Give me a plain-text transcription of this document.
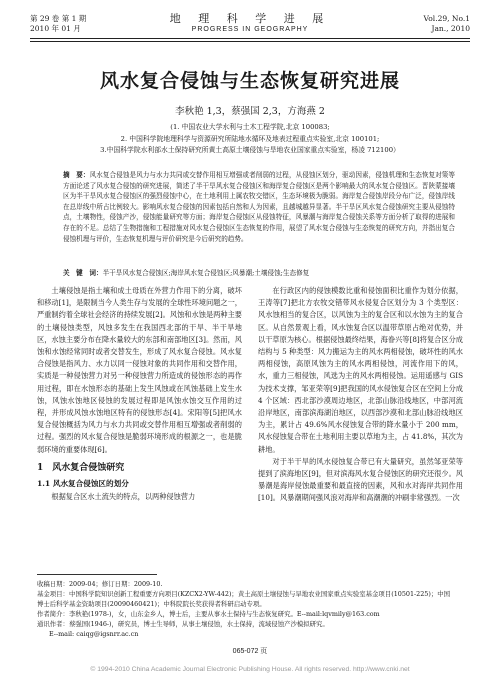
第 29 卷 第 1 期
2010 年 01 月
地 理 科 学 进 展
PROGRESS IN GEOGRAPHY
Vol.29, No.1
Jan., 2010
风水复合侵蚀与生态恢复研究进展
李秋艳 1,3，蔡强国 2,3，方海燕 2
(1. 中国农业大学水利与土木工程学院,北京 100083;
2. 中国科学院地理科学与资源研究所陆地水循环及地表过程重点实验室,北京 100101;
3.中国科学院水利部水土保持研究所黄土高原土壤侵蚀与旱地农业国家重点实验室，杨凌 712100）
摘　要：风水复合侵蚀是风力与水力共同或交替作用相互增强或者削弱的过程，从侵蚀区划分，驱动因素，侵蚀机理和生态恢复对策等方面论述了风水复合侵蚀的研究进展，简述了半干旱风水复合侵蚀区和海岸复合侵蚀区是两个影响最大的风水复合侵蚀区。晋陕蒙接壤区为半干旱风水复合侵蚀区的强烈侵蚀中心，在土地利用上属农牧交错区，生态环境极为脆弱。海岸复合侵蚀岸段分布广泛，侵蚀岸线在总岸线中所占比例较大。影响风水复合侵蚀的因素包括自然和人为因素，且越城越异显著。半干旱区风水复合侵蚀研究主要从侵蚀特点，土壤物性，侵蚀产沙，侵蚀能量研究等方面；海岸复合侵蚀区从侵蚀特征，风暴潮与海岸复合侵蚀关系等方面分析了取得的进展和存在的不足。总结了生物措施和工程措施对风水复合侵蚀区生态恢复的作用，展望了风水复合侵蚀与生态恢复的研究方向，并指出复合侵蚀机理与评价，生态恢复机理与评价研究是今后研究的趋势。
关　键　词：半干旱风水复合侵蚀区;海岸风水复合侵蚀区;风暴潮;土壤侵蚀;生态修复

土壤侵蚀是指土壤和成土母质在外营力作用下的分离，破坏和移动[1]，是限制当今人类生存与发展的全球性环境问题之一，严重制约着全球社会经济的持续发展[2]。风蚀和水蚀是两种主要的土壤侵蚀类型，风蚀多发生在我国西北部的干旱、半干旱地区，水蚀主要分布在降水量较大的东部和南部地区[3]。然而，风蚀和水蚀经常同时或者交替发生，形成了风水复合侵蚀。风水复合侵蚀是指风力、水力以同一侵蚀对象的共同作用和交替作用，实质是一种侵蚀营力对另一种侵蚀营力所造成的侵蚀形态的再作用过程，即在水蚀形态的基础上发生风蚀或在风蚀基础上发生水蚀，风蚀水蚀地区侵蚀的发展过程即是风蚀水蚀交互作用的过程，并形成风蚀水蚀地区特有的侵蚀形态[4]。宋阳等[5]把风水复合侵蚀概括为风力与水力共同或交替作用相互增强或者削弱的过程。强烈的风水复合侵蚀是脆弱环境形成的根源之一，也是脆弱环境的重要体现[6]。

1　风水复合侵蚀研究
1.1 风水复合侵蚀区的划分

根据复合区水土流失的特点，以两种侵蚀营力

在行政区内的侵蚀模数比重和侵蚀面积比重作为划分依据，王涛等[7]把北方农牧交错带风水侵复合区划分为 3 个类型区：风水蚀相当的复合区，以风蚀为主的复合区和以水蚀为主的复合区。从自然景观上看，风水蚀复合区以温带草原占绝对优势，并以干草原为核心。根据侵蚀最终结果，海眷兴等[8]将复合区分成结构与 5 种类型：风力搬运为主的风水两相侵蚀，破坏性的风水两相侵蚀，高原风蚀为主的风水两相侵蚀，河流作用下的风，水，重力三相侵蚀，风选为主的风水两相侵蚀。运用遥感与 GIS 为技术支撑，邹亚荣等[9]把我国的风水侵蚀复合区在空间上分成 4 个区域：西北部沙漠周边地区，北部山脉沿线地区，中部河流沿岸地区，南部滨海湖泊地区，以西部沙漠和北部山脉沿线地区为主，累计占 49.6%风水侵蚀复合带的降水量小于 200 mm，风水侵蚀复合带在土地利用主要以草地为主，占 41.8%，其次为耕地。

对于半干旱的风水侵蚀复合带已有大量研究，虽然邹亚荣等提到了滨海地区[9]，但对滨海风水复合侵蚀区的研究还很少。风暴潮是海岸侵蚀最重要和最直接的因素，风和水对海岸共同作用[10]。风暴潮期间强风浪对海岸和高潮潮的冲刷非常强烈。一次

收稿日期：2009-04；修订日期：2009-10.
基金项目：中国科学院知识创新工程重要方向项目(KZCX2-YW-442)；黄土高原土壤侵蚀与旱地农业国家重点实验室基金项目(10501-225)；中国博士后科学基金资助项目(20090460421)；中科院院长奖获得者科研启动专项。
作者简介：李秋艳(1978-)，女，山东金乡人，博士后，主要从事水土保持与生态恢复研究。E--mail:lqvmily@163.com
通讯作者：蔡强国(1946-)，研究员，博士生导师，从事土壤侵蚀，水土保持，流域侵蚀产沙模拟研究。
E--mail: caiqg@igsnrr.ac.cn
065-072 页
© 1994-2010 China Academic Journal Electronic Publishing House. All rights reserved. http://www.cnki.net
